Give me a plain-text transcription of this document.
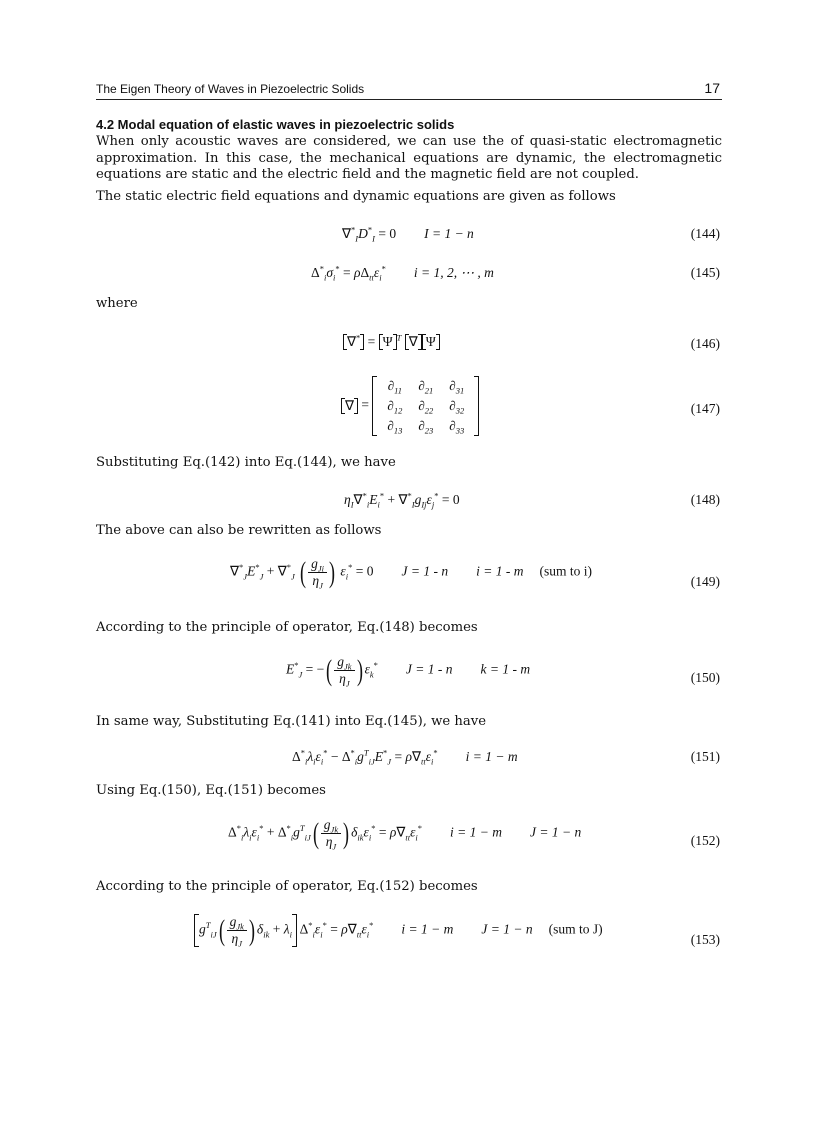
The Eigen Theory of Waves in Piezoelectric Solids	17
4.2 Modal equation of elastic waves in piezoelectric solids
When only acoustic waves are considered, we can use the of quasi-static electromagnetic approximation. In this case, the mechanical equations are dynamic, the electromagnetic equations are static and the electric field and the magnetic field are not coupled.
The static electric field equations and dynamic equations are given as follows
$\nabla^*_ID^*_I = 0$ I = 1 − n	(144)
$\Delta^*_i\sigma_i^* = \rho\Delta_{tt}\varepsilon_i^*$ i = 1, 2, ⋯ , m	(145)
where
∇* = Ψ $^T$ ∇ Ψ	(146)
∇ =
$\partial_{11}$	$\partial_{21}$	$\partial_{31}$
$\partial_{12}$	$\partial_{22}$	$\partial_{32}$
$\partial_{13}$	$\partial_{23}$	$\partial_{33}$
(147)
Substituting Eq.(142) into Eq.(144), we have
$\eta_I\nabla^*_iE_i^* + \nabla^*_Ig_{Ij}\varepsilon_j^* = 0$	(148)
The above can also be rewritten as follows
$\nabla^*_JE^*_J + \nabla^*_J$ ( $\frac{g_{Ji}}{\eta_J}$ ) $\varepsilon_i^* = 0$ J = 1 - n i = 1 - m (sum to i)
(149)
According to the principle of operator, Eq.(148) becomes
$E^*_J$ = −( $\frac{g_{Jk}}{\eta_J}$ ) $\varepsilon_k^*$ J = 1 - n k = 1 - m
(150)
In same way, Substituting Eq.(141) into Eq.(145), we have
$\Delta^*_i\lambda_i\varepsilon_i^* - \Delta^*_ig^T_{iJ}E^*_J = \rho\nabla_{tt}\varepsilon_i^*$ i = 1 − m	(151)
Using Eq.(150), Eq.(151) becomes
$\Delta^*_i\lambda_i\varepsilon_i^* + \Delta^*_ig^T_{iJ}( \frac{g_{Jk}}{\eta_J}$ ) $\delta_{ik}\varepsilon_i^* = \rho\nabla_{tt}\varepsilon_i^*$ i = 1 − m J = 1 − n
(152)
According to the principle of operator, Eq.(152) becomes
$g^T_{iJ}( \frac{g_{Jk}}{\eta_J}$ ) $\delta_{ik} + \lambda_i$ $\Delta^*_i\varepsilon_i^* = \rho\nabla_{tt}\varepsilon_i^*$ i = 1 − m J = 1 − n (sum to J)
(153)
